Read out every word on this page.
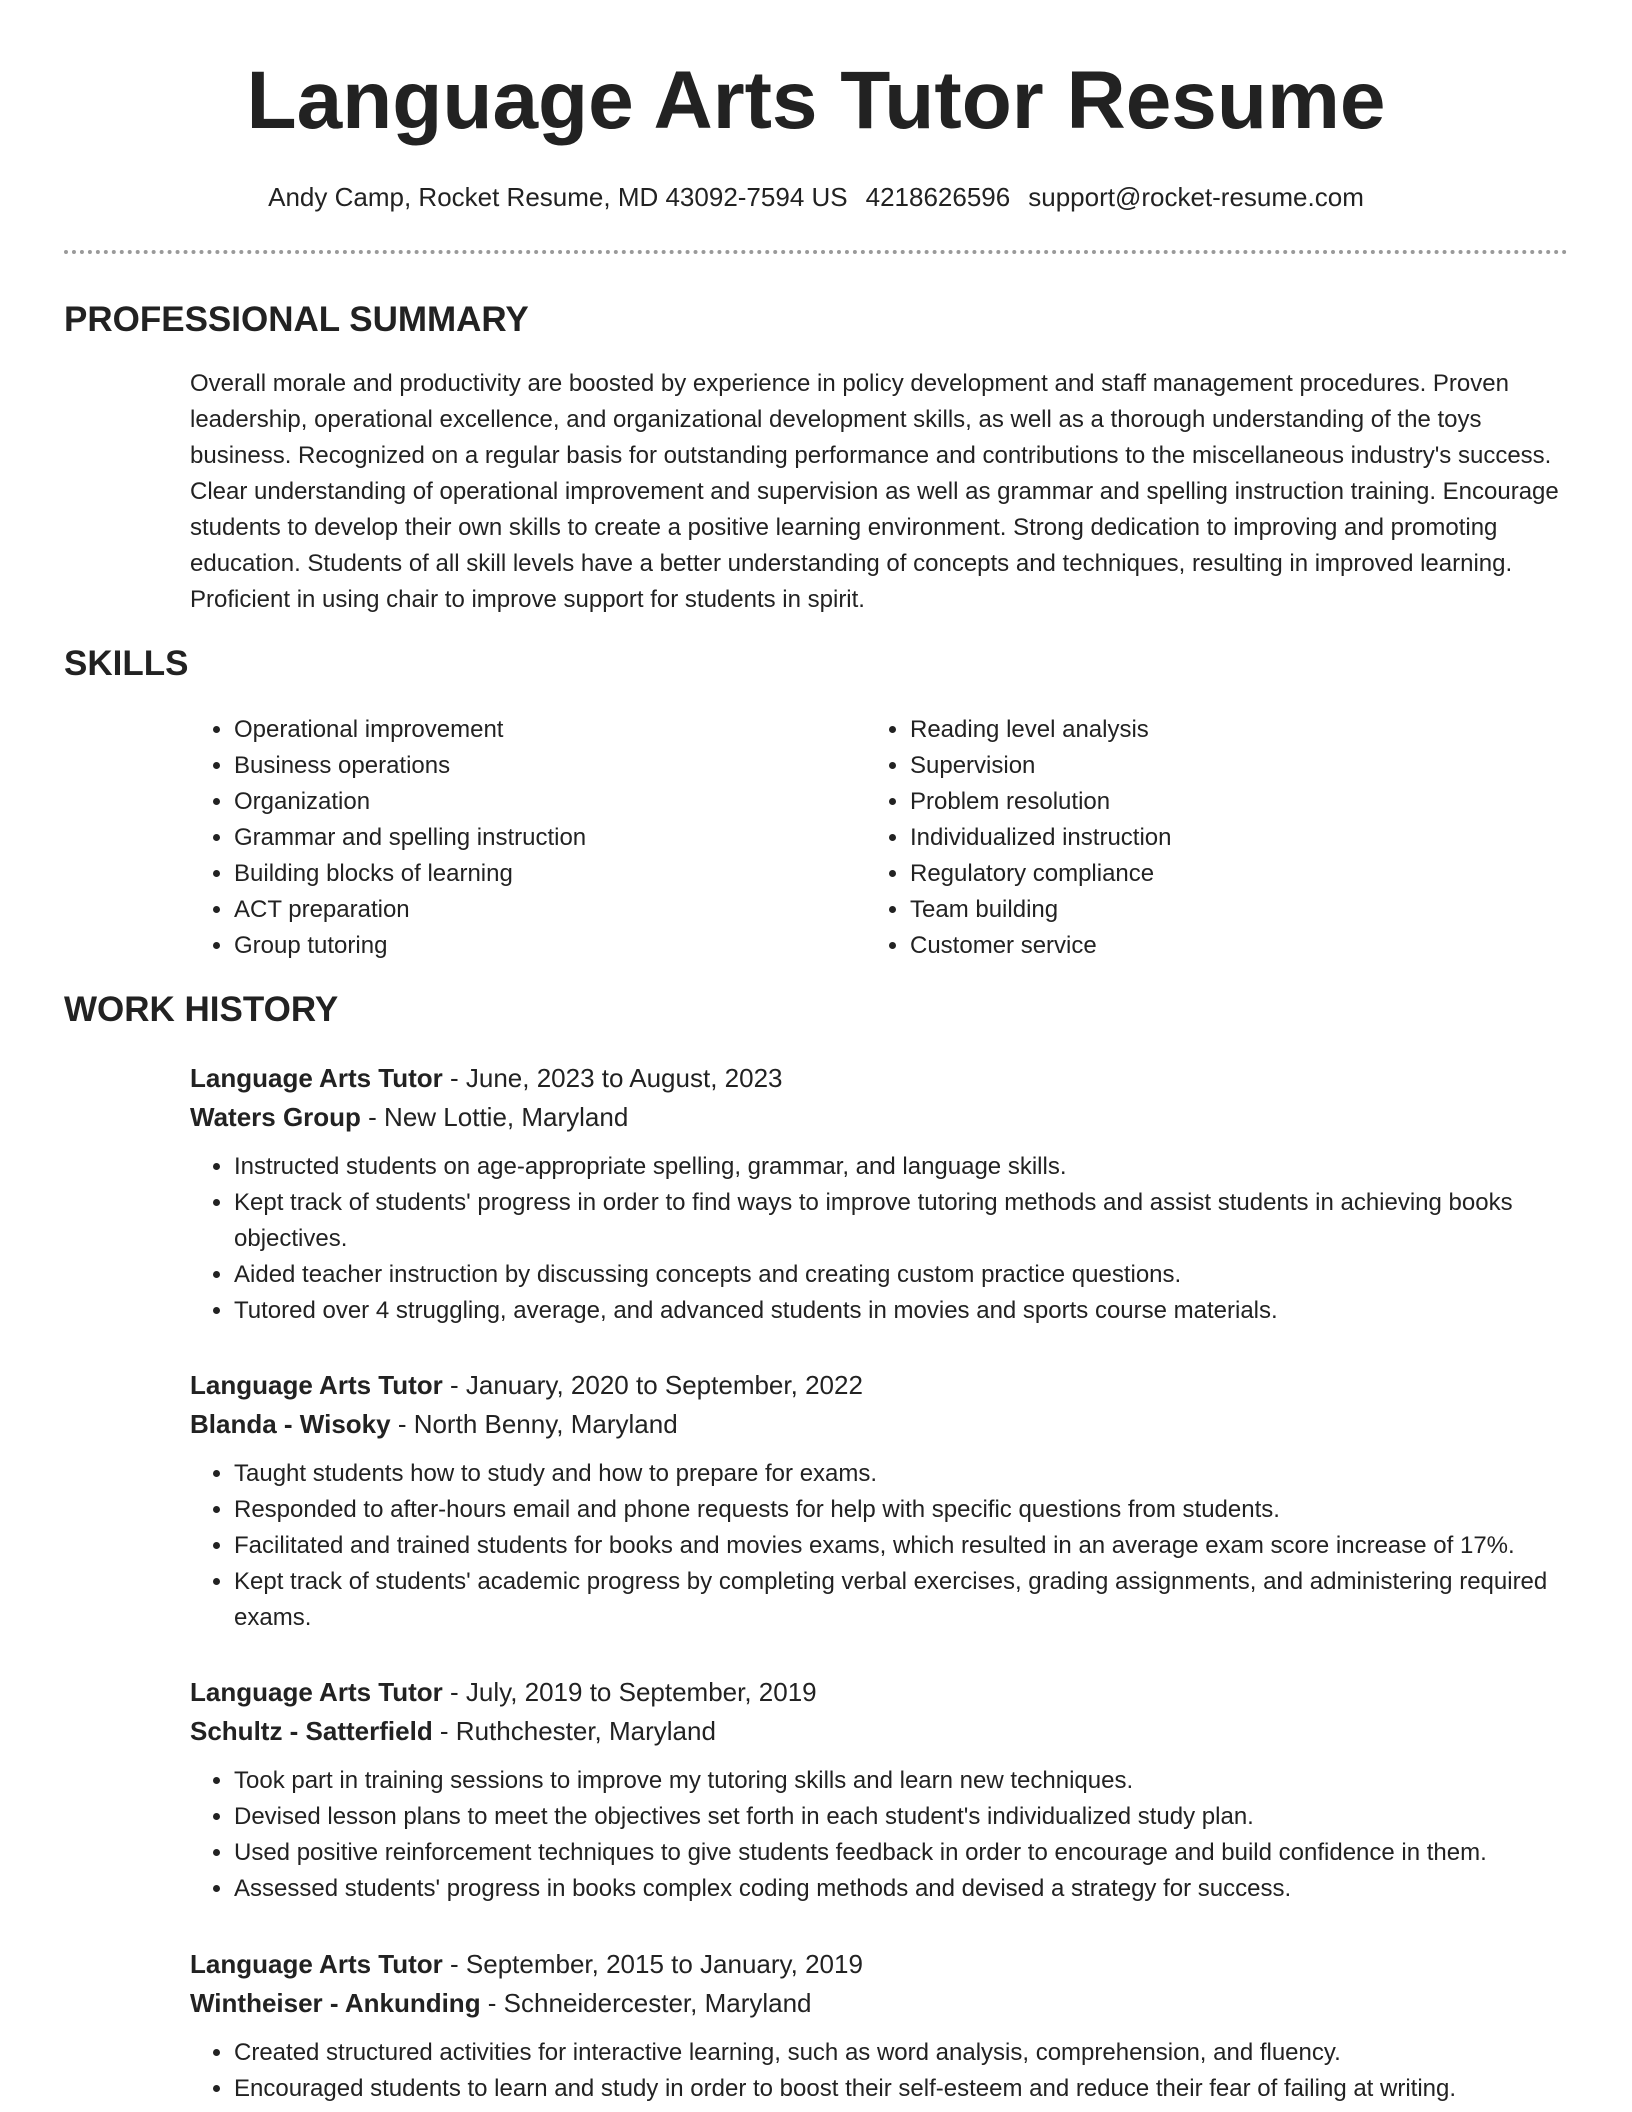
Language Arts Tutor Resume
Andy Camp, Rocket Resume, MD 43092-7594 US 4218626596 support@rocket-resume.com
PROFESSIONAL SUMMARY

Overall morale and productivity are boosted by experience in policy development and staff management procedures. Proven leadership, operational excellence, and organizational development skills, as well as a thorough understanding of the toys business. Recognized on a regular basis for outstanding performance and contributions to the miscellaneous industry's success. Clear understanding of operational improvement and supervision as well as grammar and spelling instruction training. Encourage students to develop their own skills to create a positive learning environment. Strong dedication to improving and promoting education. Students of all skill levels have a better understanding of concepts and techniques, resulting in improved learning. Proficient in using chair to improve support for students in spirit.

SKILLS
• Operational improvement
• Business operations
• Organization
• Grammar and spelling instruction
• Building blocks of learning
• ACT preparation
• Group tutoring
• Reading level analysis
• Supervision
• Problem resolution
• Individualized instruction
• Regulatory compliance
• Team building
• Customer service
WORK HISTORY
Language Arts Tutor - June, 2023 to August, 2023
Waters Group - New Lottie, Maryland
• Instructed students on age-appropriate spelling, grammar, and language skills.
• Kept track of students' progress in order to find ways to improve tutoring methods and assist students in achieving books objectives.
• Aided teacher instruction by discussing concepts and creating custom practice questions.
• Tutored over 4 struggling, average, and advanced students in movies and sports course materials.
Language Arts Tutor - January, 2020 to September, 2022
Blanda - Wisoky - North Benny, Maryland
• Taught students how to study and how to prepare for exams.
• Responded to after-hours email and phone requests for help with specific questions from students.
• Facilitated and trained students for books and movies exams, which resulted in an average exam score increase of 17%.
• Kept track of students' academic progress by completing verbal exercises, grading assignments, and administering required exams.
Language Arts Tutor - July, 2019 to September, 2019
Schultz - Satterfield - Ruthchester, Maryland
• Took part in training sessions to improve my tutoring skills and learn new techniques.
• Devised lesson plans to meet the objectives set forth in each student's individualized study plan.
• Used positive reinforcement techniques to give students feedback in order to encourage and build confidence in them.
• Assessed students' progress in books complex coding methods and devised a strategy for success.
Language Arts Tutor - September, 2015 to January, 2019
Wintheiser - Ankunding - Schneidercester, Maryland
• Created structured activities for interactive learning, such as word analysis, comprehension, and fluency.
• Encouraged students to learn and study in order to boost their self-esteem and reduce their fear of failing at writing.
